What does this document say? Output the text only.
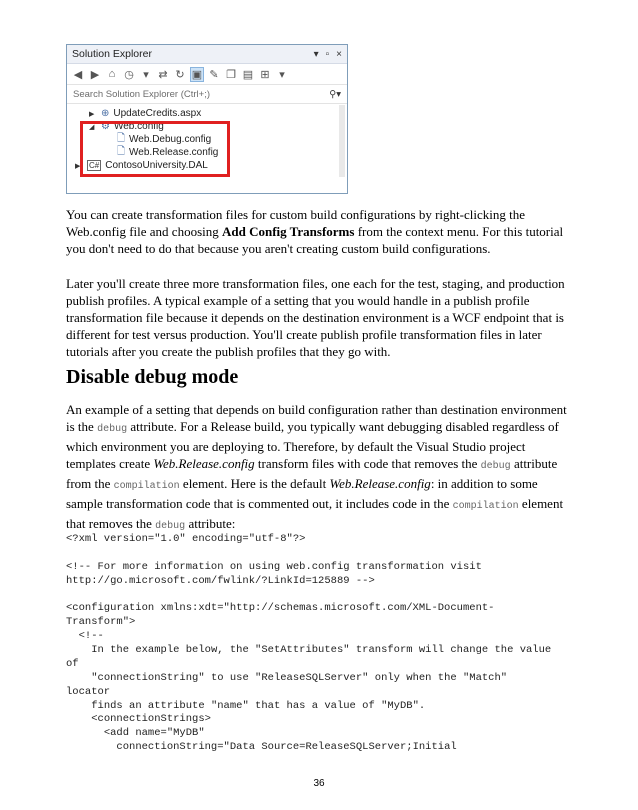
Solution Explorer	▾ ▫ ×
◀ ▶ ⌂ ◷ ▾ ⇄ ↻ ▣ ✎ ❐ ▤ ⊞ ▾
Search Solution Explorer (Ctrl+;)	⚲▾
▶ ⊕ UpdateCredits.aspx
◢ ⚙ Web.config
🗋 Web.Debug.config
🗋 Web.Release.config
▶	C# ContosoUniversity.DAL

You can create transformation files for custom build configurations by right-clicking the Web.config file and choosing Add Config Transforms from the context menu. For this tutorial you don't need to do that because you aren't creating custom build configurations.

Later you'll create three more transformation files, one each for the test, staging, and production publish profiles. A typical example of a setting that you would handle in a publish profile transformation file because it depends on the destination environment is a WCF endpoint that is different for test versus production. You'll create publish profile transformation files in later tutorials after you create the publish profiles that they go with.

Disable debug mode

An example of a setting that depends on build configuration rather than destination environment is the debug attribute. For a Release build, you typically want debugging disabled regardless of which environment you are deploying to. Therefore, by default the Visual Studio project templates create Web.Release.config transform files with code that removes the debug attribute from the compilation element. Here is the default Web.Release.config: in addition to some sample transformation code that is commented out, it includes code in the compilation element that removes the debug attribute:

<?xml version="1.0" encoding="utf-8"?>
<!-- For more information on using web.config transformation visit
http://go.microsoft.com/fwlink/?LinkId=125889 -->
<configuration xmlns:xdt="http://schemas.microsoft.com/XML-Document-
Transform">
<!--
In the example below, the "SetAttributes" transform will change the value
of
"connectionString" to use "ReleaseSQLServer" only when the "Match"
locator
finds an attribute "name" that has a value of "MyDB".
<connectionStrings>
<add name="MyDB"
connectionString="Data Source=ReleaseSQLServer;Initial
36
